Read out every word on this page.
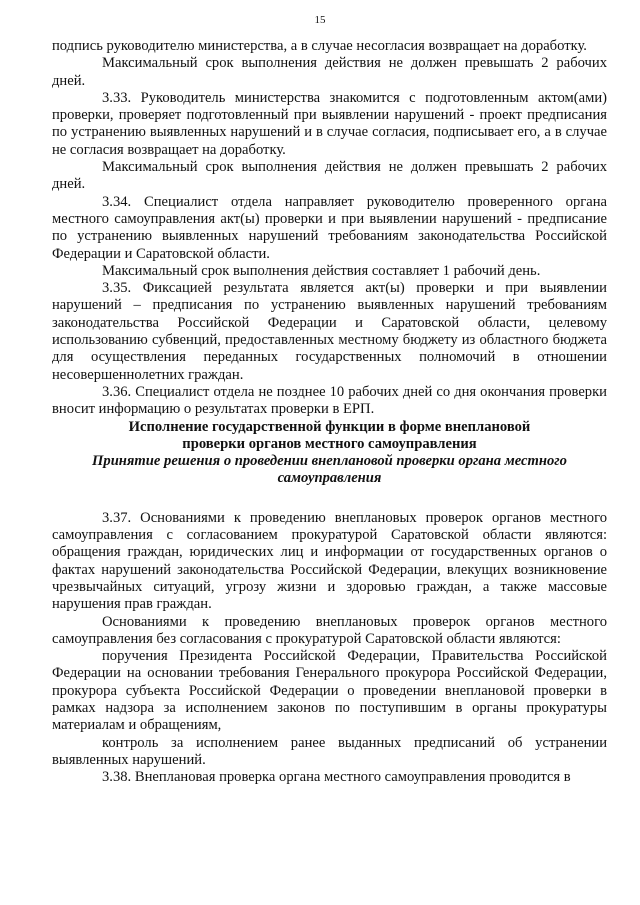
15

подпись руководителю министерства, а в случае несогласия возвращает на доработку.

Максимальный срок выполнения действия не должен превышать 2 рабочих дней.

3.33. Руководитель министерства знакомится с подготовленным актом(ами) проверки, проверяет подготовленный при выявлении нарушений - проект предписания по устранению выявленных нарушений и в случае согласия, подписывает его, а в случае не согласия возвращает на доработку.

Максимальный срок выполнения действия не должен превышать 2 рабочих дней.

3.34. Специалист отдела направляет руководителю проверенного органа местного самоуправления акт(ы) проверки и при выявлении нарушений - предписание по устранению выявленных нарушений требованиям законодательства Российской Федерации и Саратовской области.

Максимальный срок выполнения действия составляет 1 рабочий день.

3.35. Фиксацией результата является акт(ы) проверки и при выявлении нарушений – предписания по устранению выявленных нарушений требованиям законодательства Российской Федерации и Саратовской области, целевому использованию субвенций, предоставленных местному бюджету из областного бюджета для осуществления переданных государственных полномочий в отношении несовершеннолетних граждан.

3.36. Специалист отдела не позднее 10 рабочих дней со дня окончания проверки вносит информацию о результатах проверки в ЕРП.

Исполнение государственной функции в форме внеплановой проверки органов местного самоуправления

Принятие решения о проведении внеплановой проверки органа местного самоуправления

3.37. Основаниями к проведению внеплановых проверок органов местного самоуправления с согласованием прокуратурой Саратовской области являются: обращения граждан, юридических лиц и информации от государственных органов о фактах нарушений законодательства Российской Федерации, влекущих возникновение чрезвычайных ситуаций, угрозу жизни и здоровью граждан, а также массовые нарушения прав граждан.

Основаниями к проведению внеплановых проверок органов местного самоуправления без согласования с прокуратурой Саратовской области являются:

поручения Президента Российской Федерации, Правительства Российской Федерации на основании требования Генерального прокурора Российской Федерации, прокурора субъекта Российской Федерации о проведении внеплановой проверки в рамках надзора за исполнением законов по поступившим в органы прокуратуры материалам и обращениям,

контроль за исполнением ранее выданных предписаний об устранении выявленных нарушений.

3.38. Внеплановая проверка органа местного самоуправления проводится в
